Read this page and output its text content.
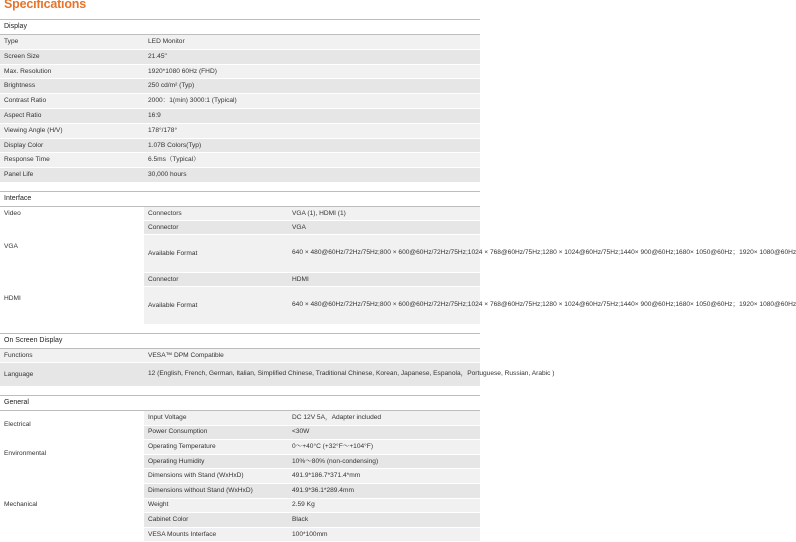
Specifications
Display		
Type	LED Monitor	
Screen Size	21.45"	
Max. Resolution	1920*1080 60Hz (FHD)	
Brightness	250 cd/m² (Typ)	
Contrast Ratio	2000：1(min) 3000:1 (Typical)	
Aspect Ratio	16:9	
Viewing Angle (H/V)	178°/178°	
Display Color	1.07B Colors(Typ)	
Response Time	6.5ms（Typical）	
Panel Life	30,000 hours	

Interface		
Video	Connectors	VGA (1), HDMI (1)
VGA	Connector	VGA
	Available Format	640 × 480@60Hz/72Hz/75Hz;800 × 600@60Hz/72Hz/75Hz;1024 × 768@60Hz/75Hz;1280 × 1024@60Hz/75Hz;1440× 900@60Hz;1680× 1050@60Hz；1920× 1080@60Hz
HDMI	Connector	HDMI
	Available Format	640 × 480@60Hz/72Hz/75Hz;800 × 600@60Hz/72Hz/75Hz;1024 × 768@60Hz/75Hz;1280 × 1024@60Hz/75Hz;1440× 900@60Hz;1680× 1050@60Hz；1920× 1080@60Hz

On Screen Display		
Functions	VESA™ DPM Compatible	
Language	12 (English, French, German, Italian, Simplified Chinese, Traditional Chinese, Korean, Japanese, Espanola，Portuguese, Russian, Arabic )	

General		
Electrical	Input Voltage	DC 12V 5A，Adapter included
	Power Consumption	<30W
Environmental	Operating Temperature	0～+40°C (+32°F～+104°F)
	Operating Humidity	10%～80% (non-condensing)
Mechanical	Dimensions with Stand (WxHxD)	491.9*186.7*371.4*mm
	Dimensions without Stand (WxHxD)	491.9*36.1*289.4mm
	Weight	2.59 Kg
	Cabinet Color	Black
	VESA Mounts Interface	100*100mm
